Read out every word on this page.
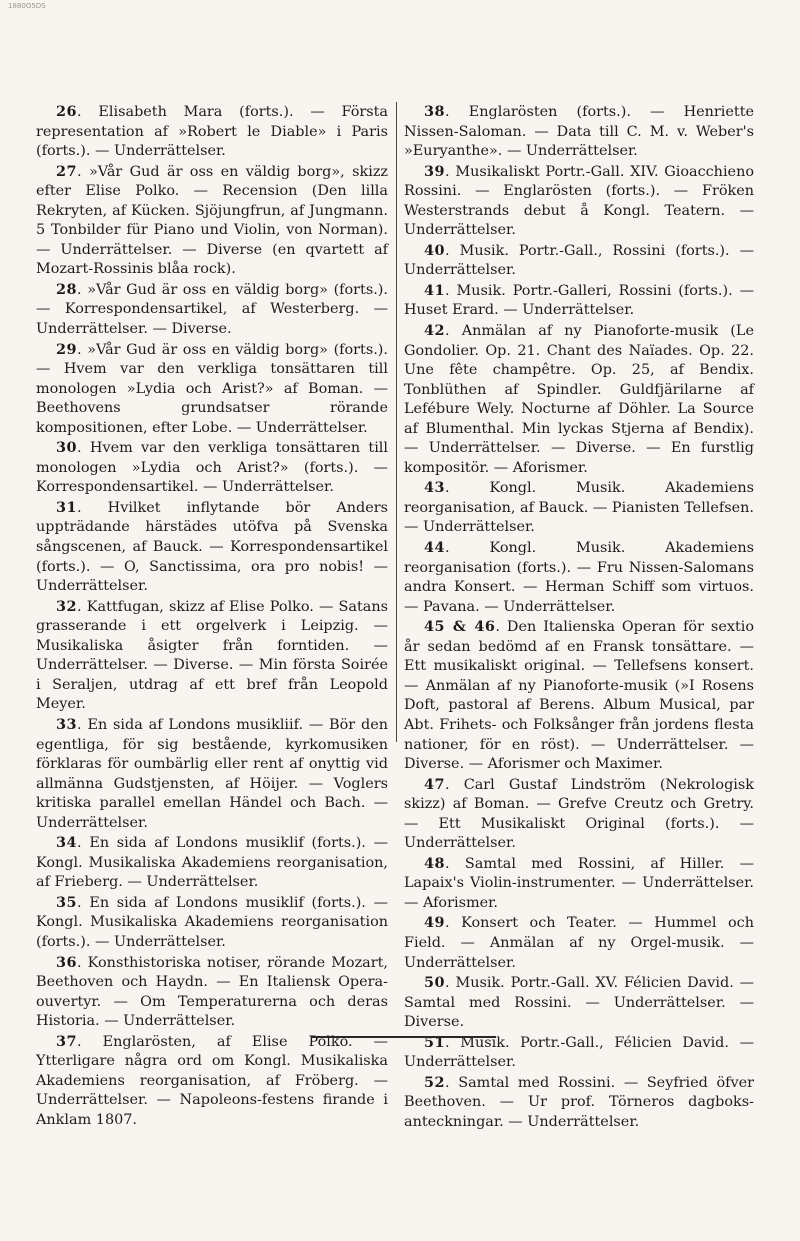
1880O5DS

26. Elisabeth Mara (forts.). — Första representation af »Robert le Diable» i Paris (forts.). — Underrättelser.

27. »Vår Gud är oss en väldig borg», skizz efter Elise Polko. — Recension (Den lilla Rekryten, af Kücken. Sjöjungfrun, af Jungmann. 5 Tonbilder für Piano und Violin, von Norman). — Underrättelser. — Diverse (en qvartett af Mozart-Rossinis blåa rock).

28. »Vår Gud är oss en väldig borg» (forts.). — Korrespondensartikel, af Westerberg. — Underrättelser. — Diverse.

29. »Vår Gud är oss en väldig borg» (forts.). — Hvem var den verkliga tonsättaren till monologen »Lydia och Arist?» af Boman. — Beethovens grundsatser rörande kompositionen, efter Lobe. — Underrättelser.

30. Hvem var den verkliga tonsättaren till monologen »Lydia och Arist?» (forts.). — Korrespondensartikel. — Underrättelser.

31. Hvilket inflytande bör Anders uppträdande härstädes utöfva på Svenska sångscenen, af Bauck. — Korrespondensartikel (forts.). — O, Sanctissima, ora pro nobis! — Underrättelser.

32. Kattfugan, skizz af Elise Polko. — Satans grasserande i ett orgelverk i Leipzig. — Musikaliska åsigter från forntiden. — Underrättelser. — Diverse. — Min första Soirée i Seraljen, utdrag af ett bref från Leopold Meyer.

33. En sida af Londons musikliif. — Bör den egentliga, för sig bestående, kyrkomusiken förklaras för oumbärlig eller rent af onyttig vid allmänna Gudstjensten, af Höijer. — Voglers kritiska parallel emellan Händel och Bach. — Underrättelser.

34. En sida af Londons musiklif (forts.). — Kongl. Musikaliska Akademiens reorganisation, af Frieberg. — Underrättelser.

35. En sida af Londons musiklif (forts.). — Kongl. Musikaliska Akademiens reorganisation (forts.). — Underrättelser.

36. Konsthistoriska notiser, rörande Mozart, Beethoven och Haydn. — En Italiensk Opera-ouvertyr. — Om Temperaturerna och deras Historia. — Underrättelser.

37. Englarösten, af Elise Polko. — Ytterligare några ord om Kongl. Musikaliska Akademiens reorganisation, af Fröberg. — Underrättelser. — Napoleons-festens firande i Anklam 1807.

38. Englarösten (forts.). — Henriette Nissen-Saloman. — Data till C. M. v. Weber's »Euryanthe». — Underrättelser.

39. Musikaliskt Portr.-Gall. XIV. Gioacchieno Rossini. — Englarösten (forts.). — Fröken Westerstrands debut å Kongl. Teatern. — Underrättelser.

40. Musik. Portr.-Gall., Rossini (forts.). — Underrättelser.

41. Musik. Portr.-Galleri, Rossini (forts.). — Huset Erard. — Underrättelser.

42. Anmälan af ny Pianoforte-musik (Le Gondolier. Op. 21. Chant des Naïades. Op. 22. Une fête champêtre. Op. 25, af Bendix. Tonblüthen af Spindler. Guldfjärilarne af Lefébure Wely. Nocturne af Döhler. La Source af Blumenthal. Min lyckas Stjerna af Bendix). — Underrättelser. — Diverse. — En furstlig kompositör. — Aforismer.

43. Kongl. Musik. Akademiens reorganisation, af Bauck. — Pianisten Tellefsen. — Underrättelser.

44. Kongl. Musik. Akademiens reorganisation (forts.). — Fru Nissen-Salomans andra Konsert. — Herman Schiff som virtuos. — Pavana. — Underrättelser.

45 & 46. Den Italienska Operan för sextio år sedan bedömd af en Fransk tonsättare. — Ett musikaliskt original. — Tellefsens konsert. — Anmälan af ny Pianoforte-musik (»I Rosens Doft, pastoral af Berens. Album Musical, par Abt. Frihets- och Folksånger från jordens flesta nationer, för en röst). — Underrättelser. — Diverse. — Aforismer och Maximer.

47. Carl Gustaf Lindström (Nekrologisk skizz) af Boman. — Grefve Creutz och Gretry. — Ett Musikaliskt Original (forts.). — Underrättelser.

48. Samtal med Rossini, af Hiller. — Lapaix's Violin-instrumenter. — Underrättelser. — Aforismer.

49. Konsert och Teater. — Hummel och Field. — Anmälan af ny Orgel-musik. — Underrättelser.

50. Musik. Portr.-Gall. XV. Félicien David. — Samtal med Rossini. — Underrättelser. — Diverse.

51. Musik. Portr.-Gall., Félicien David. — Underrättelser.

52. Samtal med Rossini. — Seyfried öfver Beethoven. — Ur prof. Törneros dagboks-anteckningar. — Underrättelser.
